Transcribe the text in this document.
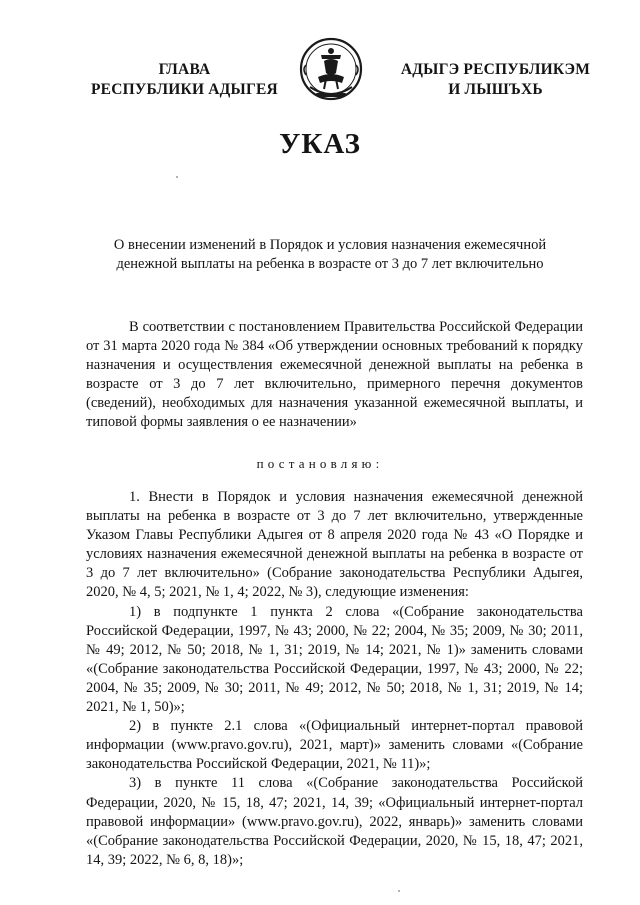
ГЛАВА
РЕСПУБЛИКИ АДЫГЕЯ
АДЫГЭ РЕСПУБЛИКЭМ
И ЛЫШЪХЬ
УКАЗ
О внесении изменений в Порядок и условия назначения ежемесячной денежной выплаты на ребенка в возрасте от 3 до 7 лет включительно

В соответствии с постановлением Правительства Российской Федерации от 31 марта 2020 года № 384 «Об утверждении основных требований к порядку назначения и осуществления ежемесячной денежной выплаты на ребенка в возрасте от 3 до 7 лет включительно, примерного перечня документов (сведений), необходимых для назначения указанной ежемесячной выплаты, и типовой формы заявления о ее назначении»

постановляю:

1. Внести в Порядок и условия назначения ежемесячной денежной выплаты на ребенка в возрасте от 3 до 7 лет включительно, утвержденные Указом Главы Республики Адыгея от 8 апреля 2020 года № 43 «О Порядке и условиях назначения ежемесячной денежной выплаты на ребенка в возрасте от 3 до 7 лет включительно» (Собрание законодательства Республики Адыгея, 2020, № 4, 5; 2021, № 1, 4; 2022, № 3), следующие изменения:

1) в подпункте 1 пункта 2 слова «(Собрание законодательства Российской Федерации, 1997, № 43; 2000, № 22; 2004, № 35; 2009, № 30; 2011, № 49; 2012, № 50; 2018, № 1, 31; 2019, № 14; 2021, № 1)» заменить словами «(Собрание законодательства Российской Федерации, 1997, № 43; 2000, № 22; 2004, № 35; 2009, № 30; 2011, № 49; 2012, № 50; 2018, № 1, 31; 2019, № 14; 2021, № 1, 50)»;

2) в пункте 2.1 слова «(Официальный интернет-портал правовой информации (www.pravo.gov.ru), 2021, март)» заменить словами «(Собрание законодательства Российской Федерации, 2021, № 11)»;

3) в пункте 11 слова «(Собрание законодательства Российской Федерации, 2020, № 15, 18, 47; 2021, 14, 39; «Официальный интернет-портал правовой информации» (www.pravo.gov.ru), 2022, январь)» заменить словами «(Собрание законодательства Российской Федерации, 2020, № 15, 18, 47; 2021, 14, 39; 2022, № 6, 8, 18)»;
